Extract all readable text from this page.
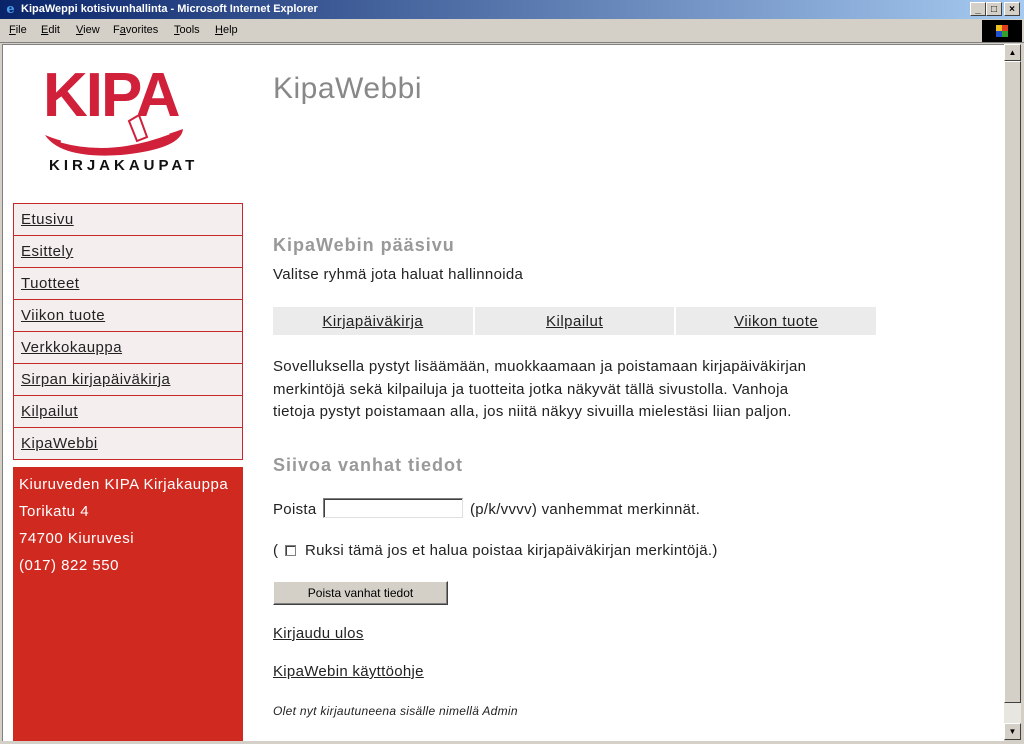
e KipaWeppi kotisivunhallinta - Microsoft Internet Explorer	_	□	×
File Edit View Favorites Tools Help
KIPA
KIRJAKAUPAT
Etusivu
Esittely
Tuotteet
Viikon tuote
Verkkokauppa
Sirpan kirjapäiväkirja
Kilpailut
KipaWebbi
Kiuruveden KIPA Kirjakauppa
Torikatu 4
74700 Kiuruvesi
(017) 822 550
KipaWebbi
KipaWebin pääsivu
Valitse ryhmä jota haluat hallinnoida
Kirjapäiväkirja	Kilpailut	Viikon tuote
Sovelluksella pystyt lisäämään, muokkaamaan ja poistamaan kirjapäiväkirjan
merkintöjä sekä kilpailuja ja tuotteita jotka näkyvät tällä sivustolla. Vanhoja
tietoja pystyt poistamaan alla, jos niitä näkyy sivuilla mielestäsi liian paljon.
Siivoa vanhat tiedot
Poista	(p/k/vvvv) vanhemmat merkinnät.
( Ruksi tämä jos et halua poistaa kirjapäiväkirjan merkintöjä.)
Poista vanhat tiedot
Kirjaudu ulos
KipaWebin käyttöohje
Olet nyt kirjautuneena sisälle nimellä Admin
▲
▼
